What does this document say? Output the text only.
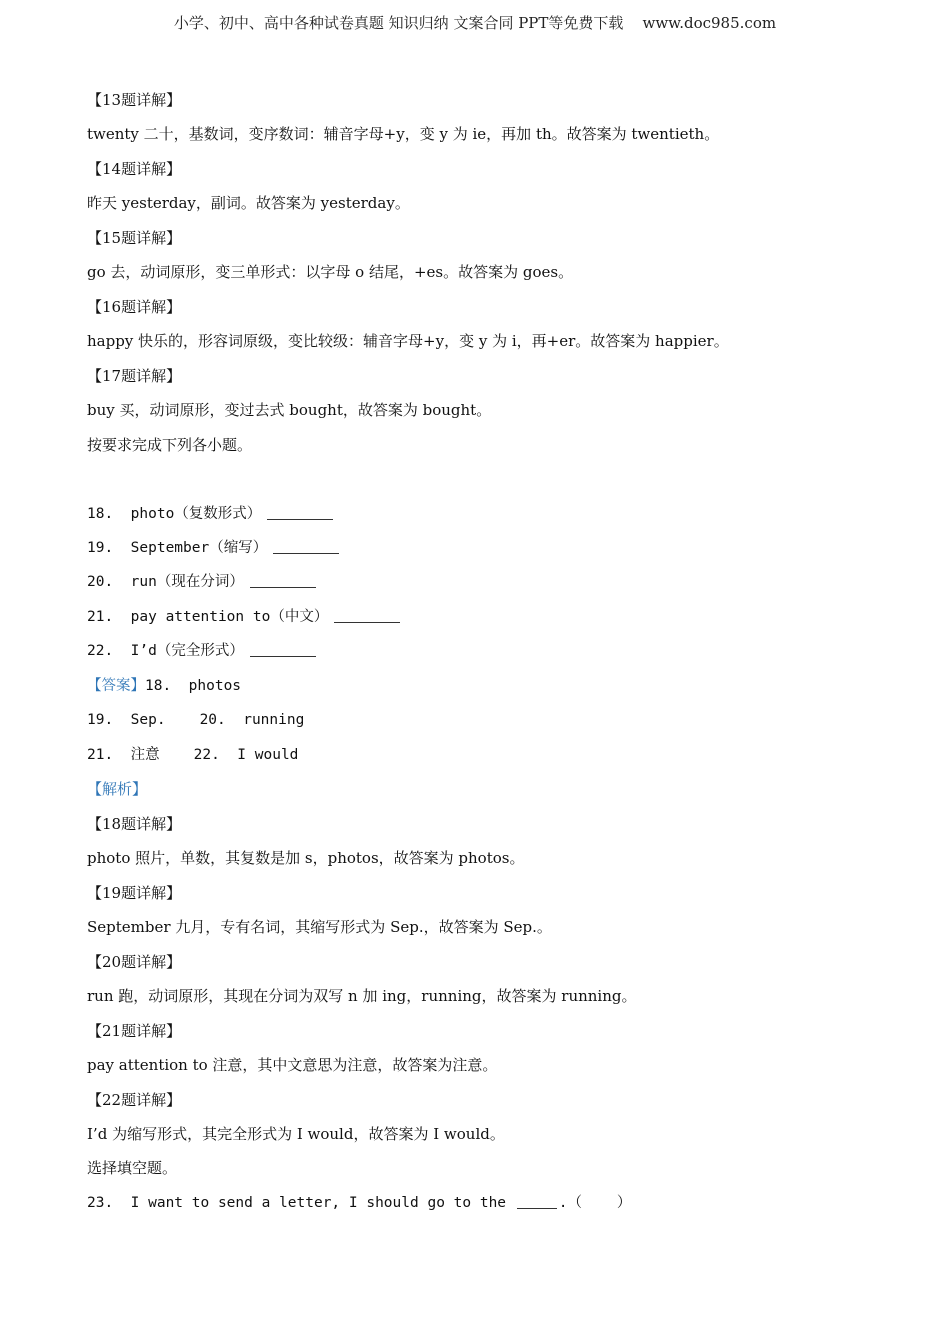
小学、初中、高中各种试卷真题 知识归纳 文案合同 PPT等免费下载    www.doc985.com
【13题详解】
twenty 二十，基数词，变序数词：辅音字母+y，变 y 为 ie，再加 th。故答案为 twentieth。
【14题详解】
昨天 yesterday，副词。故答案为 yesterday。
【15题详解】
go 去，动词原形，变三单形式：以字母 o 结尾，+es。故答案为 goes。
【16题详解】
happy 快乐的，形容词原级，变比较级：辅音字母+y，变 y 为 i，再+er。故答案为 happier。
【17题详解】
buy 买，动词原形，变过去式 bought，故答案为 bought。
按要求完成下列各小题。
18.  photo（复数形式）
19.  September（缩写）
20.  run（现在分词）
21.  pay attention to（中文）
22.  I’d（完全形式）
【答案】18.  photos
19.  Sep. 20.  running
21.  注意 22.  I would
【解析】
【18题详解】
photo 照片，单数，其复数是加 s，photos，故答案为 photos。
【19题详解】
September 九月，专有名词，其缩写形式为 Sep.，故答案为 Sep.。
【20题详解】
run 跑，动词原形，其现在分词为双写 n 加 ing，running，故答案为 running。
【21题详解】
pay attention to 注意，其中文意思为注意，故答案为注意。
【22题详解】
I’d 为缩写形式，其完全形式为 I would，故答案为 I would。
选择填空题。
23.  I want to send a letter, I should go to the	.（    ）
